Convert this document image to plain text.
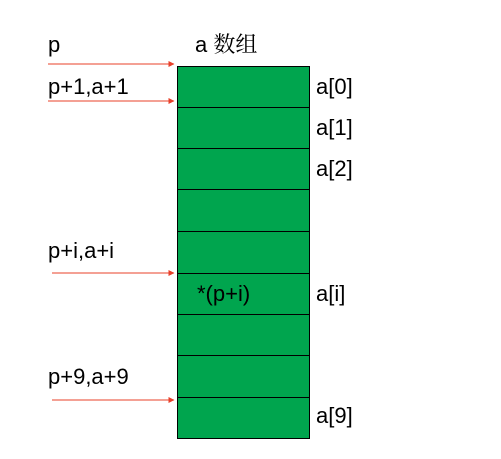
a 数组
p
p+1,a+1
p+i,a+i
p+9,a+9
*(p+i)
a[0]
a[1]
a[2]
a[i]
a[9]
